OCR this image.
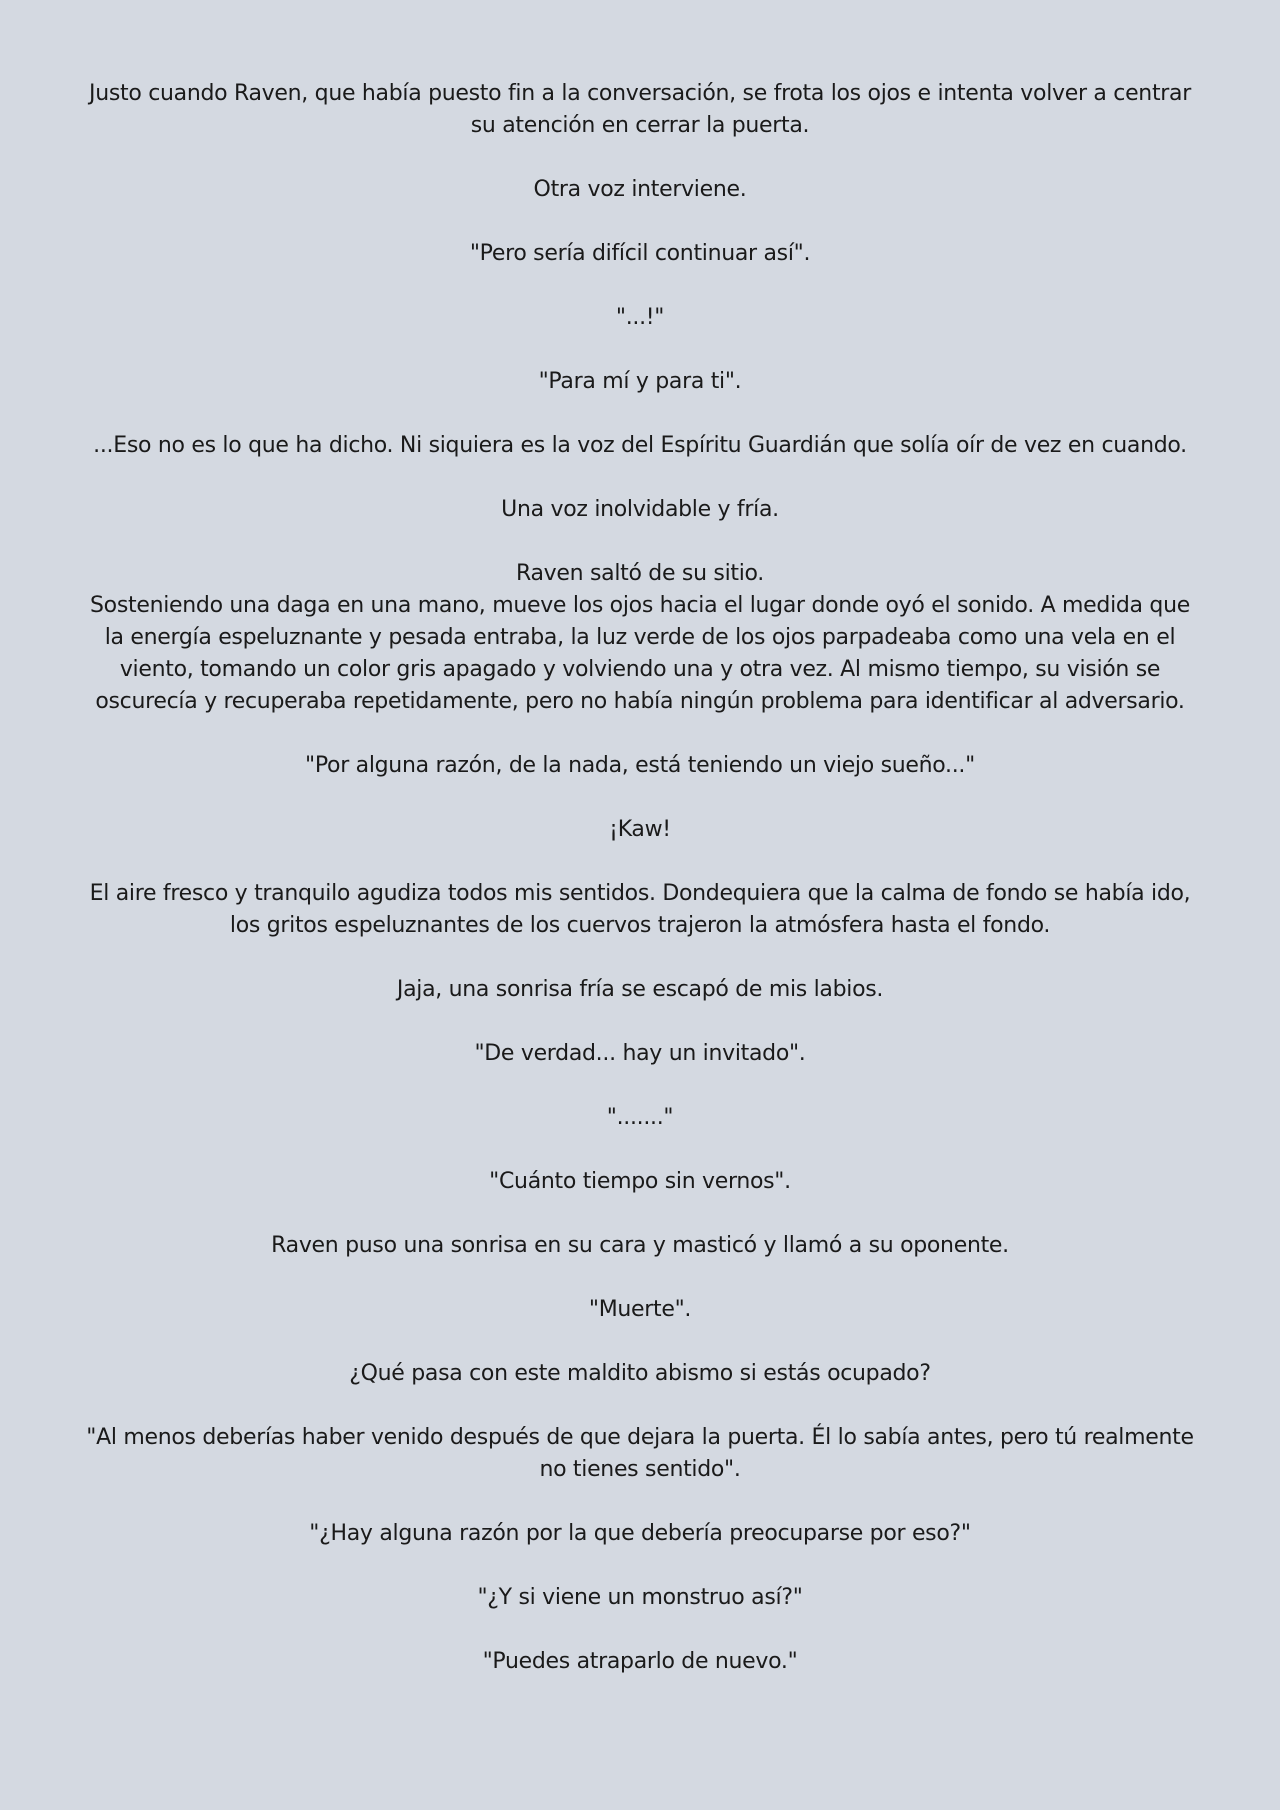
Justo cuando Raven, que había puesto fin a la conversación, se frota los ojos e intenta volver a centrar su atención en cerrar la puerta.

Otra voz interviene.

"Pero sería difícil continuar así".

"...!"

"Para mí y para ti".

...Eso no es lo que ha dicho. Ni siquiera es la voz del Espíritu Guardián que solía oír de vez en cuando.

Una voz inolvidable y fría.

Raven saltó de su sitio.

Sosteniendo una daga en una mano, mueve los ojos hacia el lugar donde oyó el sonido. A medida que la energía espeluznante y pesada entraba, la luz verde de los ojos parpadeaba como una vela en el viento, tomando un color gris apagado y volviendo una y otra vez. Al mismo tiempo, su visión se oscurecía y recuperaba repetidamente, pero no había ningún problema para identificar al adversario.

"Por alguna razón, de la nada, está teniendo un viejo sueño..."

¡Kaw!

El aire fresco y tranquilo agudiza todos mis sentidos. Dondequiera que la calma de fondo se había ido, los gritos espeluznantes de los cuervos trajeron la atmósfera hasta el fondo.

Jaja, una sonrisa fría se escapó de mis labios.

"De verdad... hay un invitado".

"......."

"Cuánto tiempo sin vernos".

Raven puso una sonrisa en su cara y masticó y llamó a su oponente.

"Muerte".

¿Qué pasa con este maldito abismo si estás ocupado?

"Al menos deberías haber venido después de que dejara la puerta. Él lo sabía antes, pero tú realmente no tienes sentido".

"¿Hay alguna razón por la que debería preocuparse por eso?"

"¿Y si viene un monstruo así?"

"Puedes atraparlo de nuevo."
